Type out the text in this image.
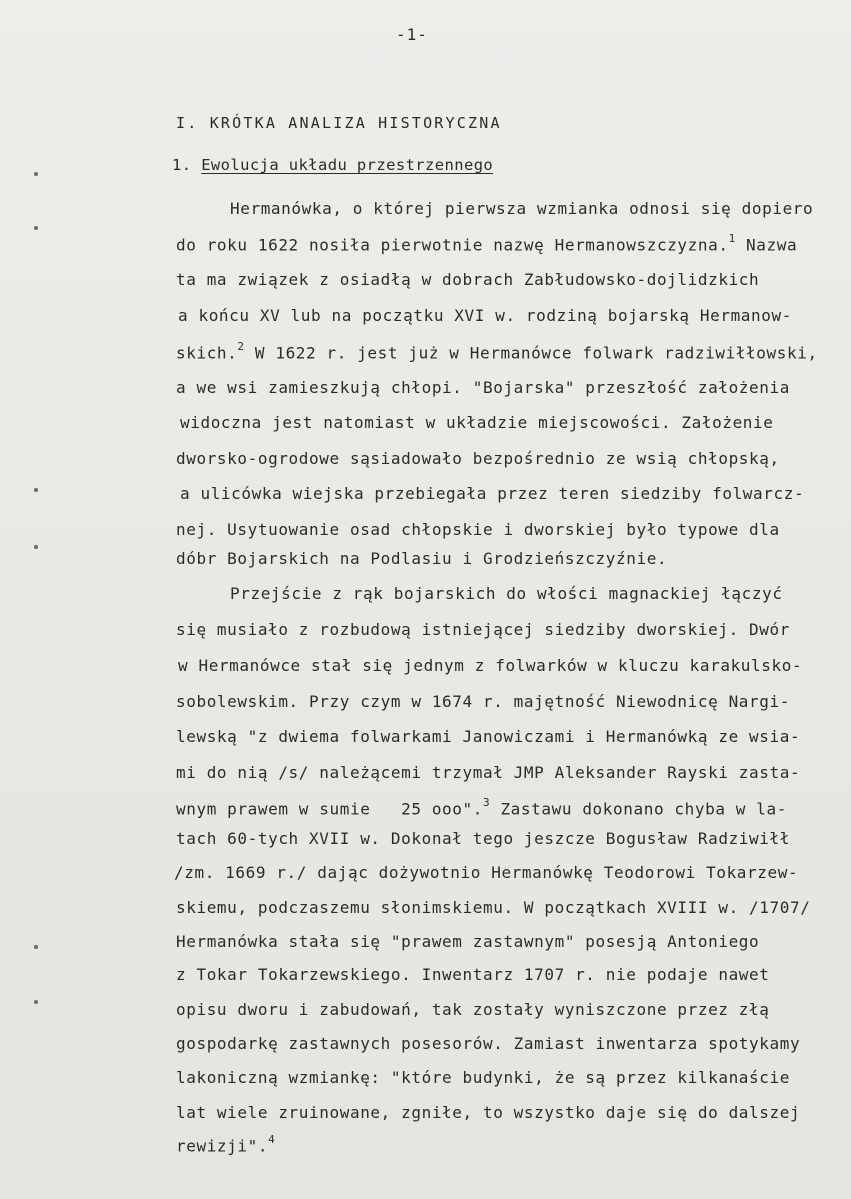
-1-
I. KRÓTKA ANALIZA HISTORYCZNA
1. Ewolucja układu przestrzennego
Hermanówka, o której pierwsza wzmianka odnosi się dopiero
do roku 1622 nosiła pierwotnie nazwę Hermanowszczyzna.$^1$ Nazwa
ta ma związek z osiadłą w dobrach Zabłudowsko-dojlidzkich
a końcu XV lub na początku XVI w. rodziną bojarską Hermanow-
skich.$^2$ W 1622 r. jest już w Hermanówce folwark radziwiłłowski,
a we wsi zamieszkują chłopi. "Bojarska" przeszłość założenia
widoczna jest natomiast w układzie miejscowości. Założenie
dworsko-ogrodowe sąsiadowało bezpośrednio ze wsią chłopską,
a ulicówka wiejska przebiegała przez teren siedziby folwarcz-
nej. Usytuowanie osad chłopskie i dworskiej było typowe dla
dóbr Bojarskich na Podlasiu i Grodzieńszczyźnie.
Przejście z rąk bojarskich do włości magnackiej łączyć
się musiało z rozbudową istniejącej siedziby dworskiej. Dwór
w Hermanówce stał się jednym z folwarków w kluczu karakulsko-
sobolewskim. Przy czym w 1674 r. majętność Niewodnicę Nargi-
lewską "z dwiema folwarkami Janowiczami i Hermanówką ze wsia-
mi do nią /s/ należącemi trzymał JMP Aleksander Rayski zasta-
wnym prawem w sumie   25 ooo".$^3$ Zastawu dokonano chyba w la-
tach 60-tych XVII w. Dokonał tego jeszcze Bogusław Radziwiłł
/zm. 1669 r./ dając dożywotnio Hermanówkę Teodorowi Tokarzew-
skiemu, podczaszemu słonimskiemu. W początkach XVIII w. /1707/
Hermanówka stała się "prawem zastawnym" posesją Antoniego
z Tokar Tokarzewskiego. Inwentarz 1707 r. nie podaje nawet
opisu dworu i zabudowań, tak zostały wyniszczone przez złą
gospodarkę zastawnych posesorów. Zamiast inwentarza spotykamy
lakoniczną wzmiankę: "które budynki, że są przez kilkanaście
lat wiele zruinowane, zgniłe, to wszystko daje się do dalszej
rewizji".$^4$
